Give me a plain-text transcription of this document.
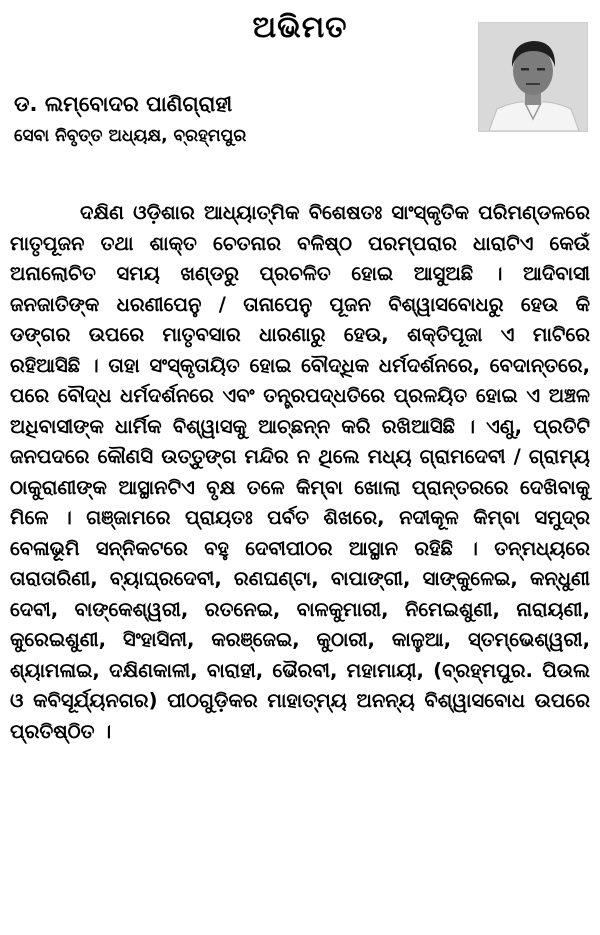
ଅଭିମତ
ଡ. ଲମ୍ବୋଦର ପାଣିଗ୍ରାହୀ
ସେବା ନିବୃତ୍ତ ଅଧ୍ୟକ୍ଷ, ବ୍ରହ୍ମପୁର
ଦକ୍ଷିଣ ଓଡ଼ିଶାର ଆଧ୍ୟାତ୍ମିକ ବିଶେଷତଃ ସାଂସ୍କୃତିକ ପରିମଣ୍ଡଳରେ ମାତୃପୂଜନ ତଥା ଶାକ୍ତ ଚେତନାର ବଳିଷ୍ଠ ପରମ୍ପରାର ଧାରାଟିଏ କେଉଁ ଅନାଲୋଚିତ ସମୟ ଖଣ୍ଡରୁ ପ୍ରଚଳିତ ହୋଇ ଆସୁଅଛି । ଆଦିବାସୀ ଜନଜାତିଙ୍କ ଧରଣୀପେନୁ / ତାନାପେନୁ ପୂଜନ ବିଶ୍ୱାସବୋଧରୁ ହେଉ କି ଡଙ୍ଗର ଉପରେ ମାତୃବସାର ଧାରଣାରୁ ହେଉ, ଶକ୍ତିପୂଜା ଏ ମାଟିରେ ରହିଆସିଛି । ତାହା ସଂସ୍କୃତାୟିତ ହୋଇ ବୌଦ୍ଧିକ ଧର୍ମଦର୍ଶନରେ, ବେଦାନ୍ତରେ, ପରେ ବୌଦ୍ଧ ଧର୍ମଦର୍ଶନରେ ଏବଂ ତନ୍ତ୍ରପଦ୍ଧତିରେ ପ୍ରଳୟିତ ହୋଇ ଏ ଅଞ୍ଚଳ ଅଧିବାସୀଙ୍କ ଧାର୍ମିକ ବିଶ୍ୱାସକୁ ଆଚ୍ଛନ୍ନ କରି ରଖିଆସିଛି । ଏଣୁ, ପ୍ରତିଟି ଜନପଦରେ କୌଣସି ଉତ୍ତୁଙ୍ଗ ମନ୍ଦିର ନ ଥିଲେ ମଧ୍ୟ ଗ୍ରାମଦେବୀ / ଗ୍ରାମ୍ୟ ଠାକୁରାଣୀଙ୍କ ଆସ୍ଥାନଟିଏ ବୃକ୍ଷ ତଳେ କିମ୍ବା ଖୋଲା ପ୍ରାନ୍ତରରେ ଦେଖିବାକୁ ମିଳେ । ଗଞ୍ଜାମରେ ପ୍ରାୟତଃ ପର୍ବତ ଶିଖରେ, ନଦୀକୂଳ କିମ୍ବା ସମୁଦ୍ର ବେଳାଭୂମି ସନ୍ନିକଟରେ ବହୁ ଦେବୀପୀଠର ଆସ୍ଥାନ ରହିଛି । ତନ୍ମଧ୍ୟରେ ତାରାତାରିଣୀ, ବ୍ୟାଘ୍ରଦେବୀ, ରଣଘଣ୍ଟା, ବାପାଙ୍ଗୀ, ସାଙ୍କୁଳେଇ, କନ୍ଧୁଣୀ ଦେବୀ, ବାଙ୍କେଶ୍ୱରୀ, ରତନେଇ, ବାଳକୁମାରୀ, ନିମେଇଶୁଣୀ, ନାରାୟଣୀ, କୁରେଇଶୁଣୀ, ସିଂହାସିନୀ, କରଞ୍ଜେଇ, କୁଠାରୀ, କାଳୁଆ, ସ୍ତମ୍ଭେଶ୍ୱରୀ, ଶ୍ୟାମଳାଇ, ଦକ୍ଷିଣକାଳୀ, ବାରାହୀ, ଭୈରବୀ, ମହାମାୟୀ, (ବ୍ରହ୍ମପୁର. ପିଉଲ ଓ କବିସୂର୍ଯ୍ୟନଗର) ପୀଠଗୁଡ଼ିକର ମାହାତ୍ମ୍ୟ ଅନନ୍ୟ ବିଶ୍ୱାସବୋଧ ଉପରେ ପ୍ରତିଷ୍ଠିତ ।
